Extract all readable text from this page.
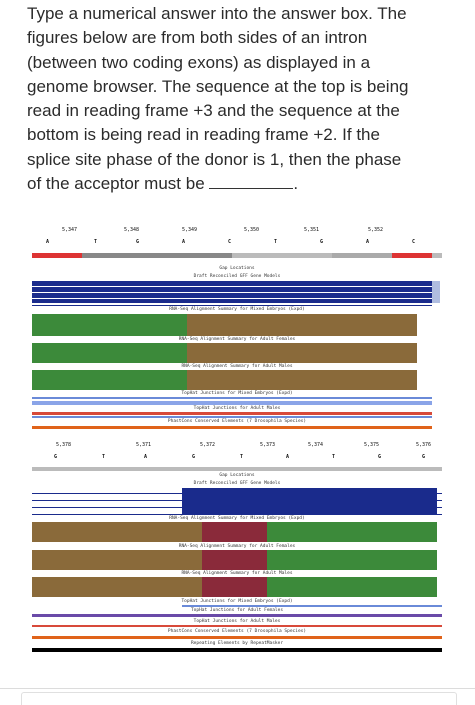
Type a numerical answer into the answer box. The
figures below are from both sides of an intron
(between two coding exons) as displayed in a
genome browser. The sequence at the top is being
read in reading frame +3 and the sequence at the
bottom is being read in reading frame +2. If the
splice site phase of the donor is 1, then the phase
of the acceptor must be	.
5,347	5,348	5,349	5,350	5,351	5,352
A	T	G	A	C	T	G	A	C
Gap Locations
Draft Reconciled GFF Gene Models
RNA-Seq Alignment Summary for Mixed Embryos (Expd)
RNA-Seq Alignment Summary for Adult Females
RNA-Seq Alignment Summary for Adult Males
TopHat Junctions for Mixed Embryos (Expd)
TopHat Junctions for Adult Males
PhastCons Conserved Elements (7 Drosophila Species)
5,378	5,371	5,372	5,373	5,374	5,375	5,376
G	T	A	G	T	A	T	G	G
Gap Locations
Draft Reconciled GFF Gene Models
RNA-Seq Alignment Summary for Mixed Embryos (Expd)
RNA-Seq Alignment Summary for Adult Females
RNA-Seq Alignment Summary for Adult Males
TopHat Junctions for Mixed Embryos (Expd)
TopHat Junctions for Adult Females
TopHat Junctions for Adult Males
PhastCons Conserved Elements (7 Drosophila Species)
Repeating Elements by RepeatMasker
